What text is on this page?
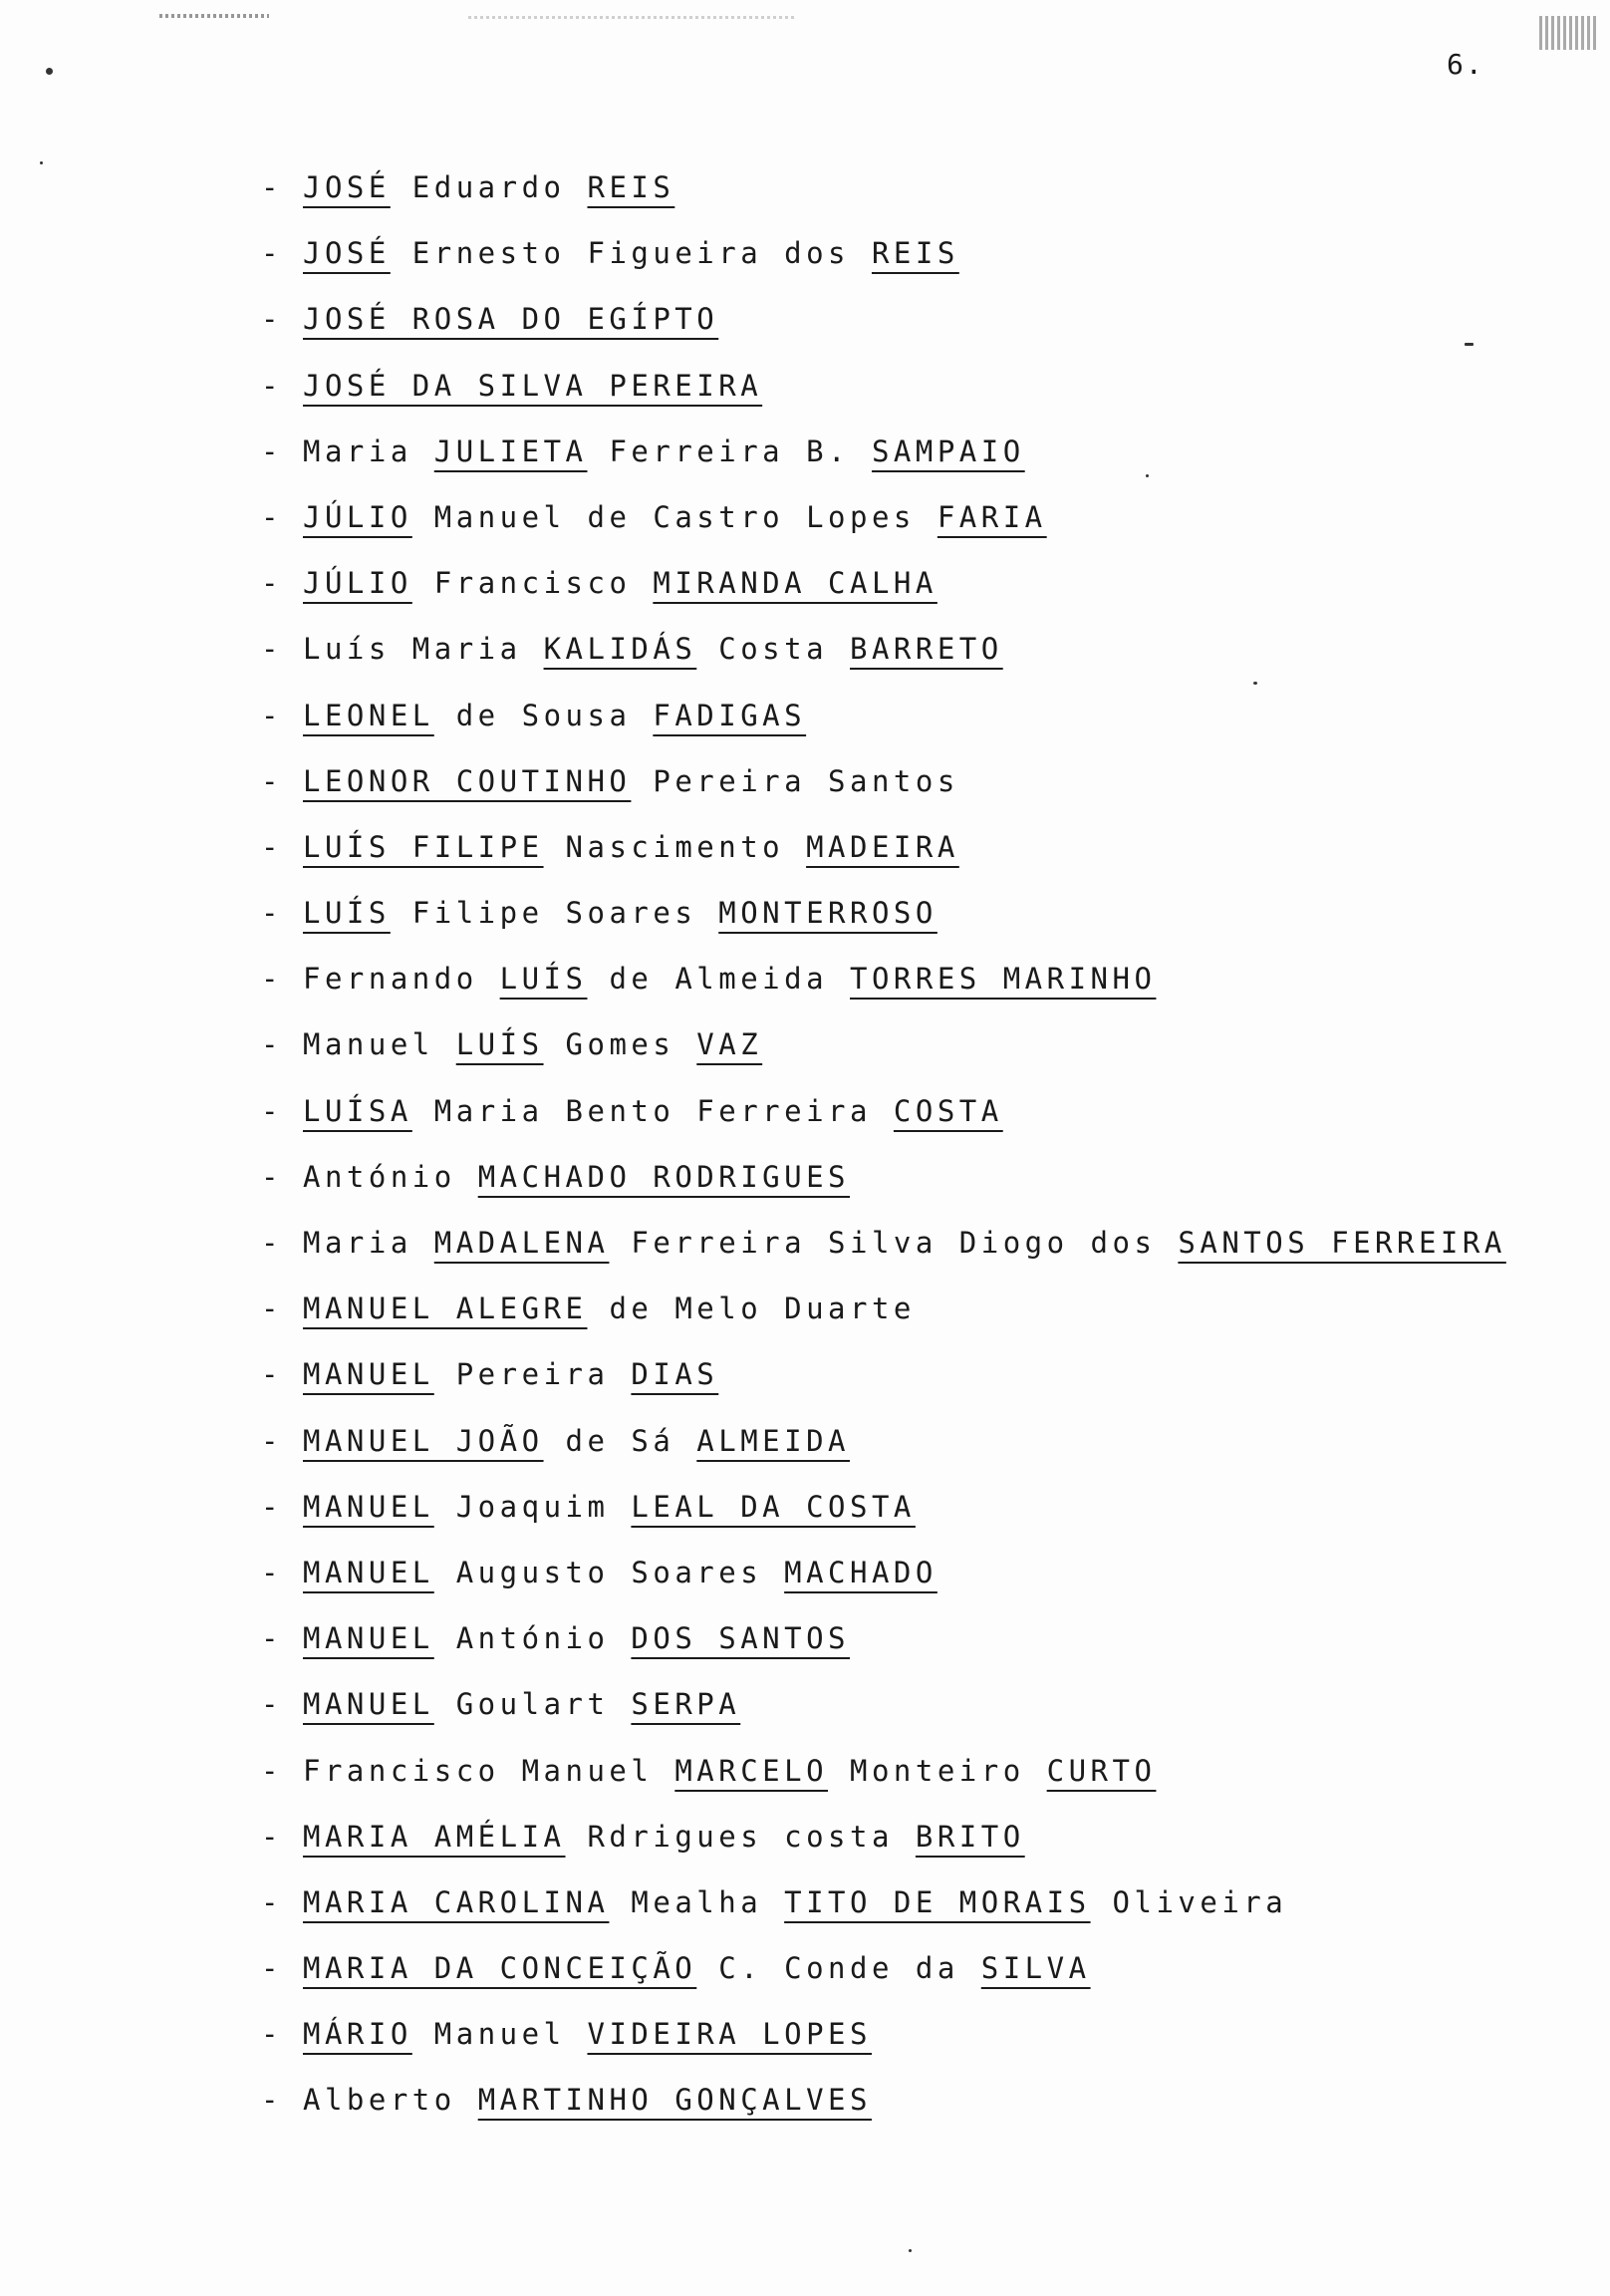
6.
- JOSÉ Eduardo REIS
- JOSÉ Ernesto Figueira dos REIS
- JOSÉ ROSA DO EGÍPTO
- JOSÉ DA SILVA PEREIRA
- Maria JULIETA Ferreira B. SAMPAIO
- JÚLIO Manuel de Castro Lopes FARIA
- JÚLIO Francisco MIRANDA CALHA
- Luís Maria KALIDÁS Costa BARRETO
- LEONEL de Sousa FADIGAS
- LEONOR COUTINHO Pereira Santos
- LUÍS FILIPE Nascimento MADEIRA
- LUÍS Filipe Soares MONTERROSO
- Fernando LUÍS de Almeida TORRES MARINHO
- Manuel LUÍS Gomes VAZ
- LUÍSA Maria Bento Ferreira COSTA
- António MACHADO RODRIGUES
- Maria MADALENA Ferreira Silva Diogo dos SANTOS FERREIRA
- MANUEL ALEGRE de Melo Duarte
- MANUEL Pereira DIAS
- MANUEL JOÃO de Sá ALMEIDA
- MANUEL Joaquim LEAL DA COSTA
- MANUEL Augusto Soares MACHADO
- MANUEL António DOS SANTOS
- MANUEL Goulart SERPA
- Francisco Manuel MARCELO Monteiro CURTO
- MARIA AMÉLIA Rdrigues costa BRITO
- MARIA CAROLINA Mealha TITO DE MORAIS Oliveira
- MARIA DA CONCEIÇÃO C. Conde da SILVA
- MÁRIO Manuel VIDEIRA LOPES
- Alberto MARTINHO GONÇALVES
